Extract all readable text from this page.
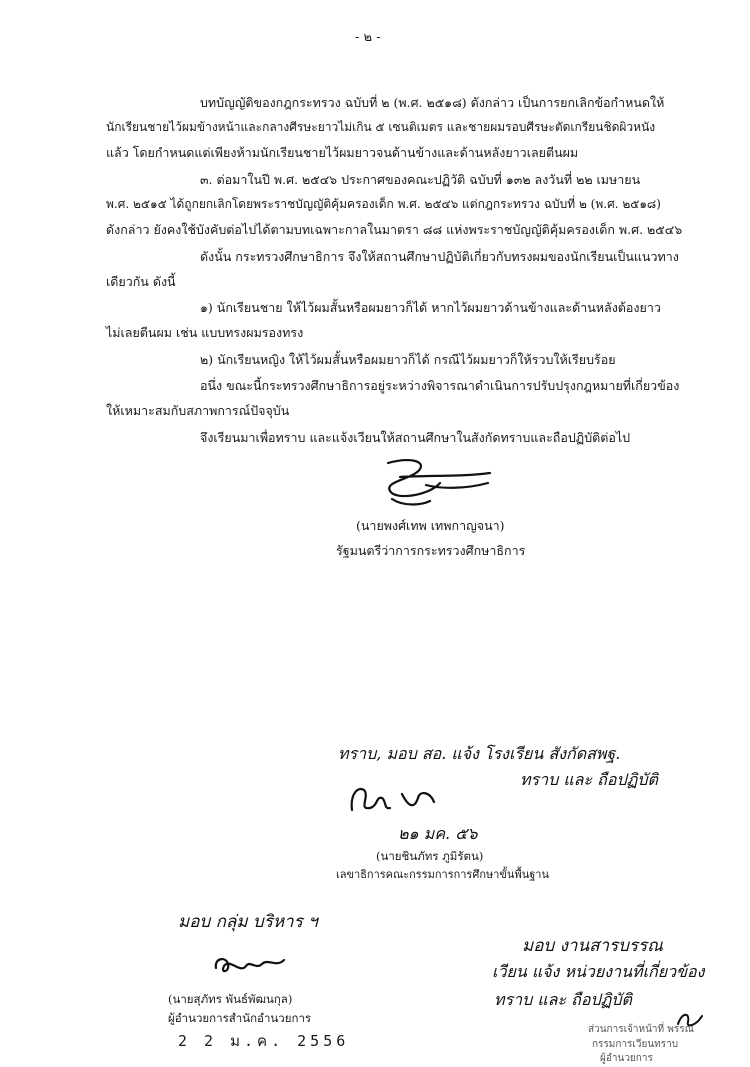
- ๒ -
บทบัญญัติของกฎกระทรวง ฉบับที่ ๒ (พ.ศ. ๒๕๑๘) ดังกล่าว เป็นการยกเลิกข้อกำหนดให้
นักเรียนชายไว้ผมข้างหน้าและกลางศีรษะยาวไม่เกิน ๕ เซนติเมตร และชายผมรอบศีรษะตัดเกรียนชิดผิวหนัง
แล้ว โดยกำหนดแต่เพียงห้ามนักเรียนชายไว้ผมยาวจนด้านข้างและด้านหลังยาวเลยตีนผม
๓. ต่อมาในปี พ.ศ. ๒๕๔๖ ประกาศของคณะปฏิวัติ ฉบับที่ ๑๓๒ ลงวันที่ ๒๒ เมษายน
พ.ศ. ๒๕๑๕ ได้ถูกยกเลิกโดยพระราชบัญญัติคุ้มครองเด็ก พ.ศ. ๒๕๔๖ แต่กฎกระทรวง ฉบับที่ ๒ (พ.ศ. ๒๕๑๘)
ดังกล่าว ยังคงใช้บังคับต่อไปได้ตามบทเฉพาะกาลในมาตรา ๘๘ แห่งพระราชบัญญัติคุ้มครองเด็ก พ.ศ. ๒๕๔๖
ดังนั้น กระทรวงศึกษาธิการ จึงให้สถานศึกษาปฏิบัติเกี่ยวกับทรงผมของนักเรียนเป็นแนวทาง
เดียวกัน ดังนี้
๑) นักเรียนชาย ให้ไว้ผมสั้นหรือผมยาวก็ได้ หากไว้ผมยาวด้านข้างและด้านหลังต้องยาว
ไม่เลยตีนผม เช่น แบบทรงผมรองทรง
๒) นักเรียนหญิง ให้ไว้ผมสั้นหรือผมยาวก็ได้ กรณีไว้ผมยาวก็ให้รวบให้เรียบร้อย
อนึ่ง ขณะนี้กระทรวงศึกษาธิการอยู่ระหว่างพิจารณาดำเนินการปรับปรุงกฎหมายที่เกี่ยวข้อง
ให้เหมาะสมกับสภาพการณ์ปัจจุบัน
จึงเรียนมาเพื่อทราบ และแจ้งเวียนให้สถานศึกษาในสังกัดทราบและถือปฏิบัติต่อไป
(นายพงศ์เทพ เทพกาญจนา)
รัฐมนตรีว่าการกระทรวงศึกษาธิการ
ทราบ, มอบ สอ. แจ้ง โรงเรียน สังกัดสพฐ.
ทราบ และ ถือปฏิบัติ
๒๑ มค. ๕๖
(นายชินภัทร ภูมิรัตน)
เลขาธิการคณะกรรมการการศึกษาขั้นพื้นฐาน
มอบ กลุ่ม บริหาร ฯ
(นายสุภัทร พันธ์พัฒนกุล)
ผู้อำนวยการสำนักอำนวยการ
2 2 ม.ค. 2556
มอบ งานสารบรรณ
เวียน แจ้ง หน่วยงานที่เกี่ยวข้อง
ทราบ และ ถือปฏิบัติ
ส่วนการเจ้าหน้าที่ พรรณ
กรรมการเวียนทราบ
ผู้อำนวยการ
